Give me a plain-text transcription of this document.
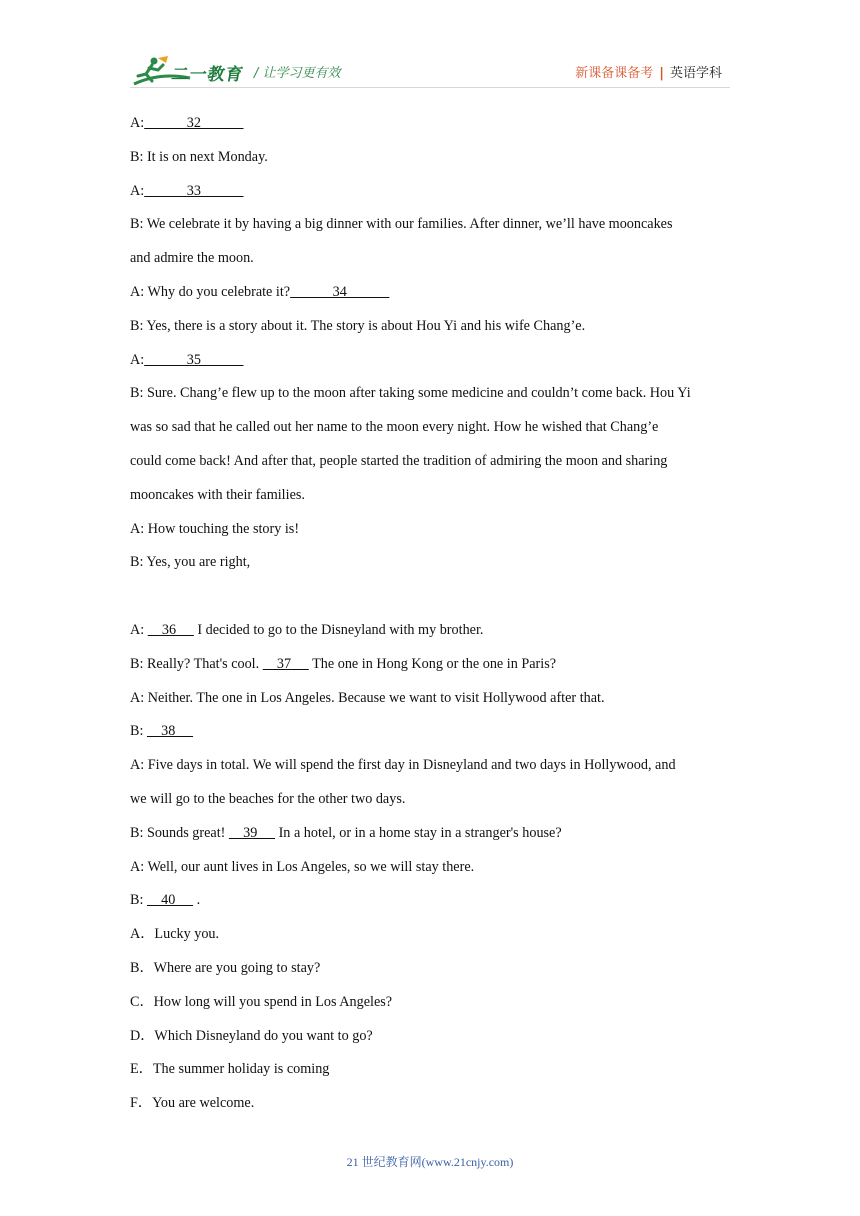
二一教育 / 让学习更有效	新课备课备考 | 英语学科
A:            32
B: It is on next Monday.
A:            33
B: We celebrate it by having a big dinner with our families. After dinner, we’ll have mooncakes
and admire the moon.
A: Why do you celebrate it?            34
B: Yes, there is a story about it. The story is about Hou Yi and his wife Chang’e.
A:            35
B: Sure. Chang’e flew up to the moon after taking some medicine and couldn’t come back. Hou Yi
was so sad that he called out her name to the moon every night. How he wished that Chang’e
could come back! And after that, people started the tradition of admiring the moon and sharing
mooncakes with their families.
A: How touching the story is!
B: Yes, you are right,
A:     36      I decided to go to the Disneyland with my brother.
B: Really? That's cool.     37      The one in Hong Kong or the one in Paris?
A: Neither. The one in Los Angeles. Because we want to visit Hollywood after that.
B:     38
A: Five days in total. We will spend the first day in Disneyland and two days in Hollywood, and
we will go to the beaches for the other two days.
B: Sounds great!     39      In a hotel, or in a home stay in a stranger's house?
A: Well, our aunt lives in Los Angeles, so we will stay there.
B:     40      .
A．Lucky you.
B．Where are you going to stay?
C．How long will you spend in Los Angeles?
D．Which Disneyland do you want to go?
E．The summer holiday is coming
F．You are welcome.
21 世纪教育网(www.21cnjy.com)
